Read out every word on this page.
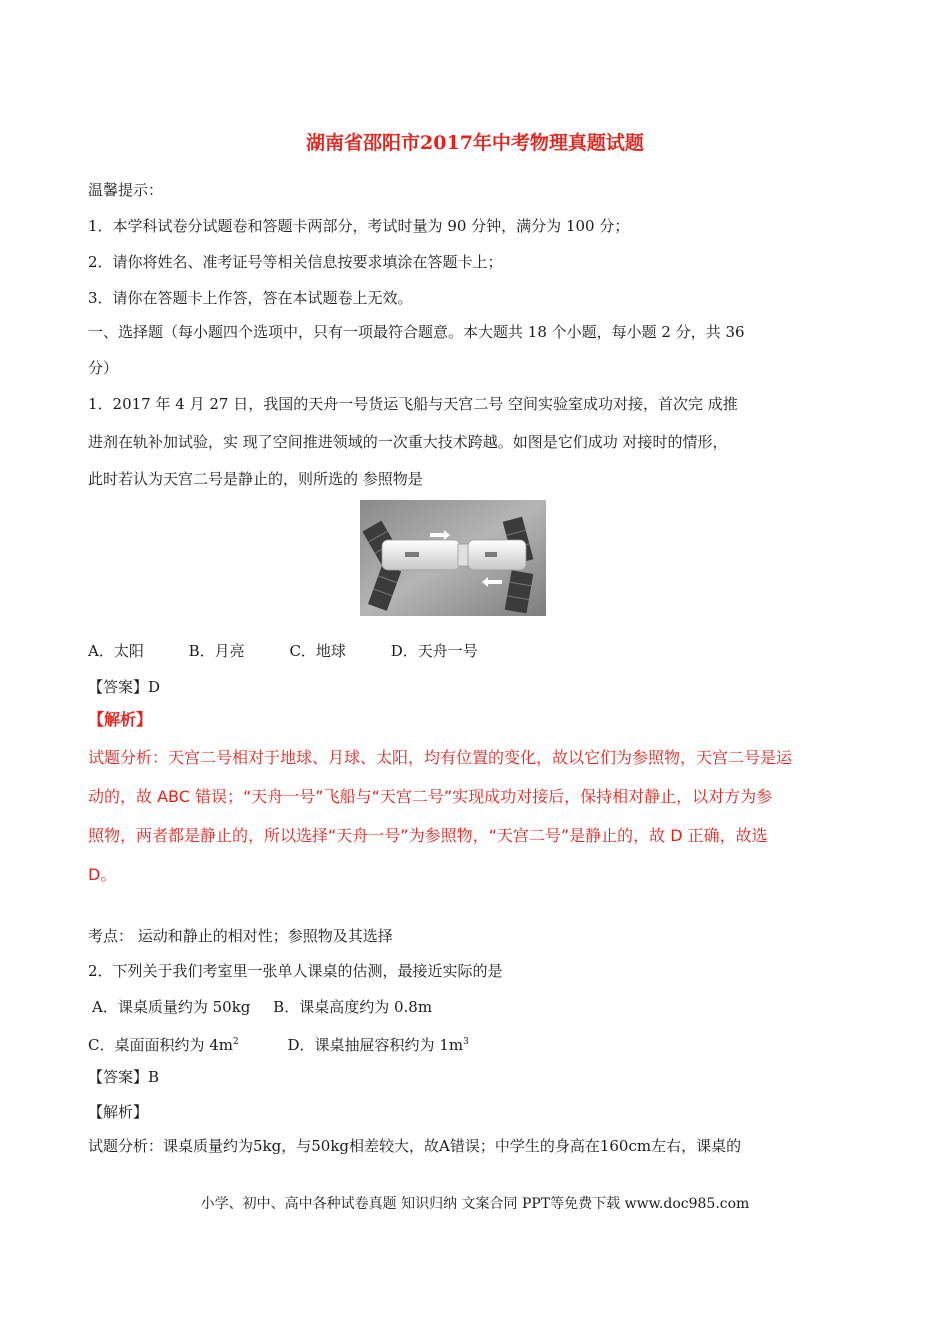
湖南省邵阳市2017年中考物理真题试题
温馨提示：
1．本学科试卷分试题卷和答题卡两部分，考试时量为 90 分钟，满分为 100 分；
2．请你将姓名、准考证号等相关信息按要求填涂在答题卡上；
3．请你在答题卡上作答，答在本试题卷上无效。
一、选择题（每小题四个选项中，只有一项最符合题意。本大题共 18 个小题，每小题 2 分，共 36
分）
1．2017 年 4 月 27 日，我国的天舟一号货运飞船与天宫二号 空间实验室成功对接，首次完 成推
进剂在轨补加试验，实 现了空间推进领域的一次重大技术跨越。如图是它们成功 对接时的情形，
此时若认为天宫二号是静止的，则所选的 参照物是
A．太阳	B．月亮	C．地球	D．天舟一号
【答案】D
【解析】
试题分析：天宫二号相对于地球、月球、太阳，均有位置的变化，故以它们为参照物，天宫二号是运
动的，故 ABC 错误；“天舟一号”飞船与“天宫二号”实现成功对接后，保持相对静止，以对方为参
照物，两者都是静止的，所以选择“天舟一号”为参照物，“天宫二号”是静止的，故 D 正确，故选
D。
考点： 运动和静止的相对性；参照物及其选择
2．下列关于我们考室里一张单人课桌的估测，最接近实际的是
A．课桌质量约为 50kg B．课桌高度约为 0.8m
C．桌面面积约为 $4m^2$	D．课桌抽屉容积约为 $1m^3$
【答案】B
【解析】
试题分析：课桌质量约为5kg，与50kg相差较大，故A错误；中学生的身高在160cm左右，课桌的
小学、初中、高中各种试卷真题 知识归纳 文案合同 PPT等免费下载 www.doc985.com
